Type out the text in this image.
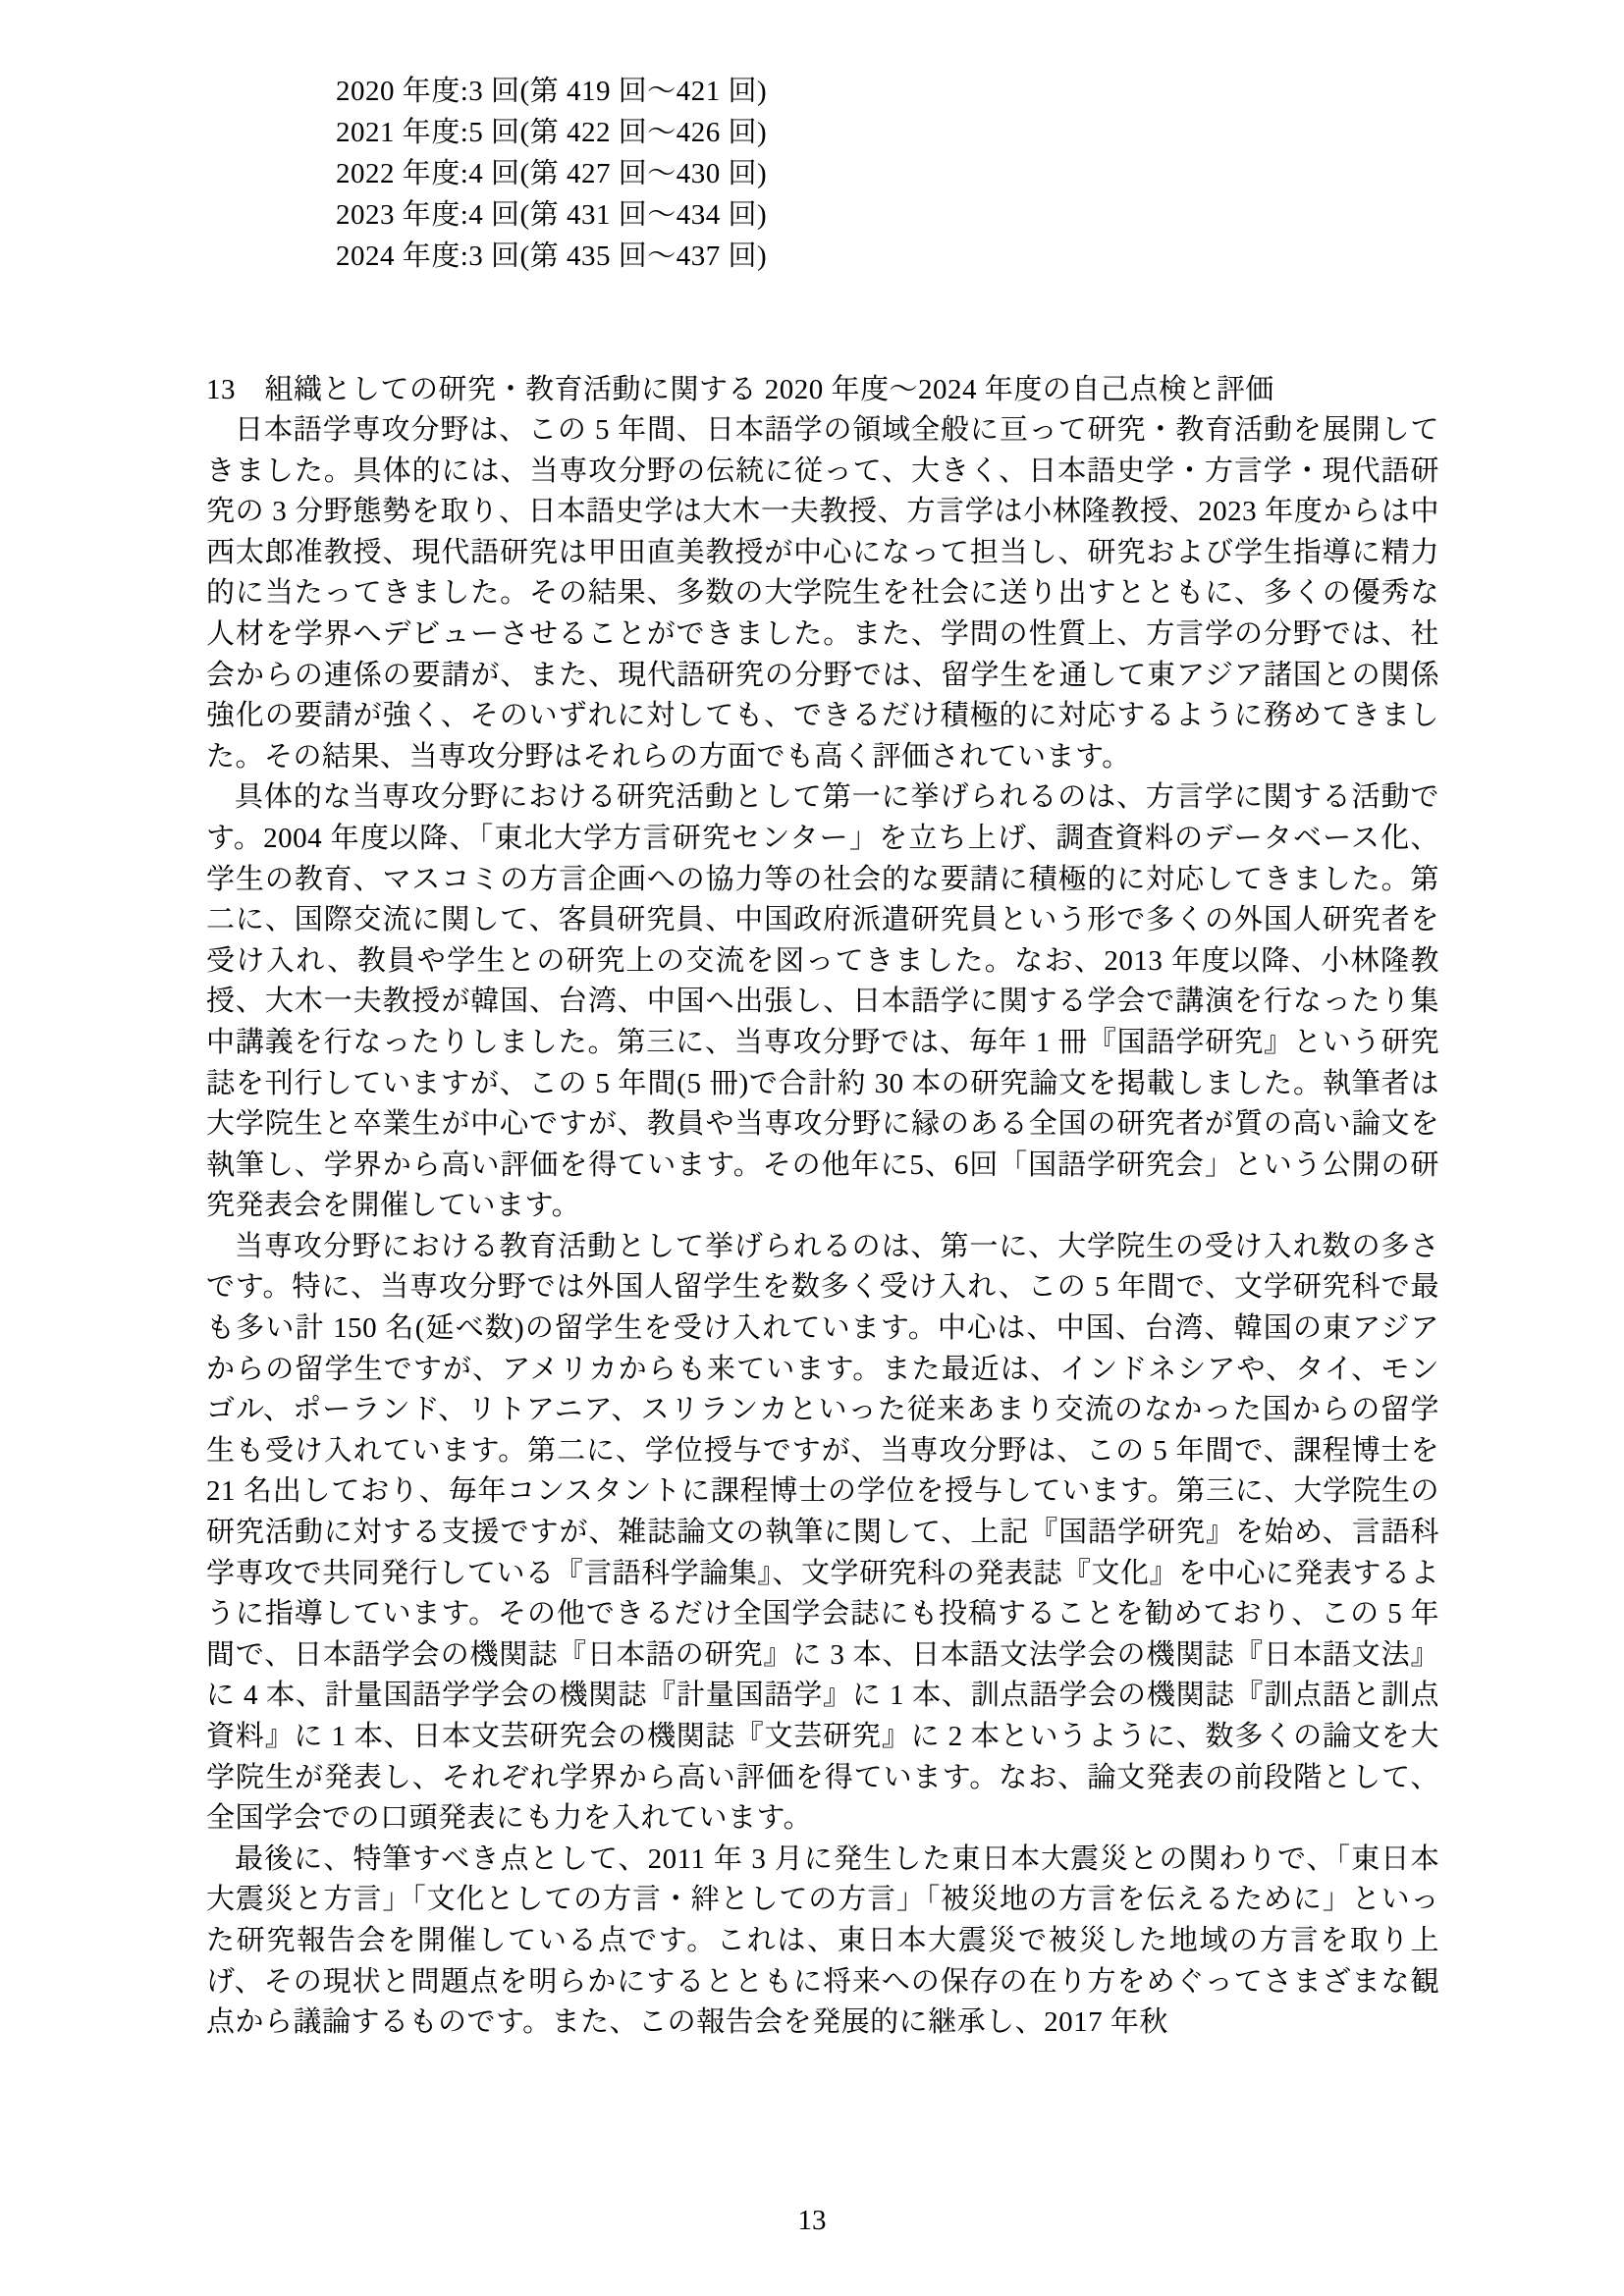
2020 年度:3 回(第 419 回〜421 回)
2021 年度:5 回(第 422 回〜426 回)
2022 年度:4 回(第 427 回〜430 回)
2023 年度:4 回(第 431 回〜434 回)
2024 年度:3 回(第 435 回〜437 回)
13　組織としての研究・教育活動に関する 2020 年度〜2024 年度の自己点検と評価

日本語学専攻分野は、この 5 年間、日本語学の領域全般に亘って研究・教育活動を展開してきました。具体的には、当専攻分野の伝統に従って、大きく、日本語史学・方言学・現代語研究の 3 分野態勢を取り、日本語史学は大木一夫教授、方言学は小林隆教授、2023 年度からは中西太郎准教授、現代語研究は甲田直美教授が中心になって担当し、研究および学生指導に精力的に当たってきました。その結果、多数の大学院生を社会に送り出すとともに、多くの優秀な人材を学界へデビューさせることができました。また、学問の性質上、方言学の分野では、社会からの連係の要請が、また、現代語研究の分野では、留学生を通して東アジア諸国との関係強化の要請が強く、そのいずれに対しても、できるだけ積極的に対応するように務めてきました。その結果、当専攻分野はそれらの方面でも高く評価されています。

具体的な当専攻分野における研究活動として第一に挙げられるのは、方言学に関する活動です。2004 年度以降、「東北大学方言研究センター」を立ち上げ、調査資料のデータベース化、学生の教育、マスコミの方言企画への協力等の社会的な要請に積極的に対応してきました。第二に、国際交流に関して、客員研究員、中国政府派遣研究員という形で多くの外国人研究者を受け入れ、教員や学生との研究上の交流を図ってきました。なお、2013 年度以降、小林隆教授、大木一夫教授が韓国、台湾、中国へ出張し、日本語学に関する学会で講演を行なったり集中講義を行なったりしました。第三に、当専攻分野では、毎年 1 冊『国語学研究』という研究誌を刊行していますが、この 5 年間(5 冊)で合計約 30 本の研究論文を掲載しました。執筆者は大学院生と卒業生が中心ですが、教員や当専攻分野に縁のある全国の研究者が質の高い論文を執筆し、学界から高い評価を得ています。その他年に5、6回「国語学研究会」という公開の研究発表会を開催しています。

当専攻分野における教育活動として挙げられるのは、第一に、大学院生の受け入れ数の多さです。特に、当専攻分野では外国人留学生を数多く受け入れ、この 5 年間で、文学研究科で最も多い計 150 名(延べ数)の留学生を受け入れています。中心は、中国、台湾、韓国の東アジアからの留学生ですが、アメリカからも来ています。また最近は、インドネシアや、タイ、モンゴル、ポーランド、リトアニア、スリランカといった従来あまり交流のなかった国からの留学生も受け入れています。第二に、学位授与ですが、当専攻分野は、この 5 年間で、課程博士を 21 名出しており、毎年コンスタントに課程博士の学位を授与しています。第三に、大学院生の研究活動に対する支援ですが、雑誌論文の執筆に関して、上記『国語学研究』を始め、言語科学専攻で共同発行している『言語科学論集』、文学研究科の発表誌『文化』を中心に発表するように指導しています。その他できるだけ全国学会誌にも投稿することを勧めており、この 5 年間で、日本語学会の機関誌『日本語の研究』に 3 本、日本語文法学会の機関誌『日本語文法』に 4 本、計量国語学学会の機関誌『計量国語学』に 1 本、訓点語学会の機関誌『訓点語と訓点資料』に 1 本、日本文芸研究会の機関誌『文芸研究』に 2 本というように、数多くの論文を大学院生が発表し、それぞれ学界から高い評価を得ています。なお、論文発表の前段階として、全国学会での口頭発表にも力を入れています。

最後に、特筆すべき点として、2011 年 3 月に発生した東日本大震災との関わりで、「東日本大震災と方言」「文化としての方言・絆としての方言」「被災地の方言を伝えるために」といった研究報告会を開催している点です。これは、東日本大震災で被災した地域の方言を取り上げ、その現状と問題点を明らかにするとともに将来への保存の在り方をめぐってさまざまな観点から議論するものです。また、この報告会を発展的に継承し、2017 年秋

13
